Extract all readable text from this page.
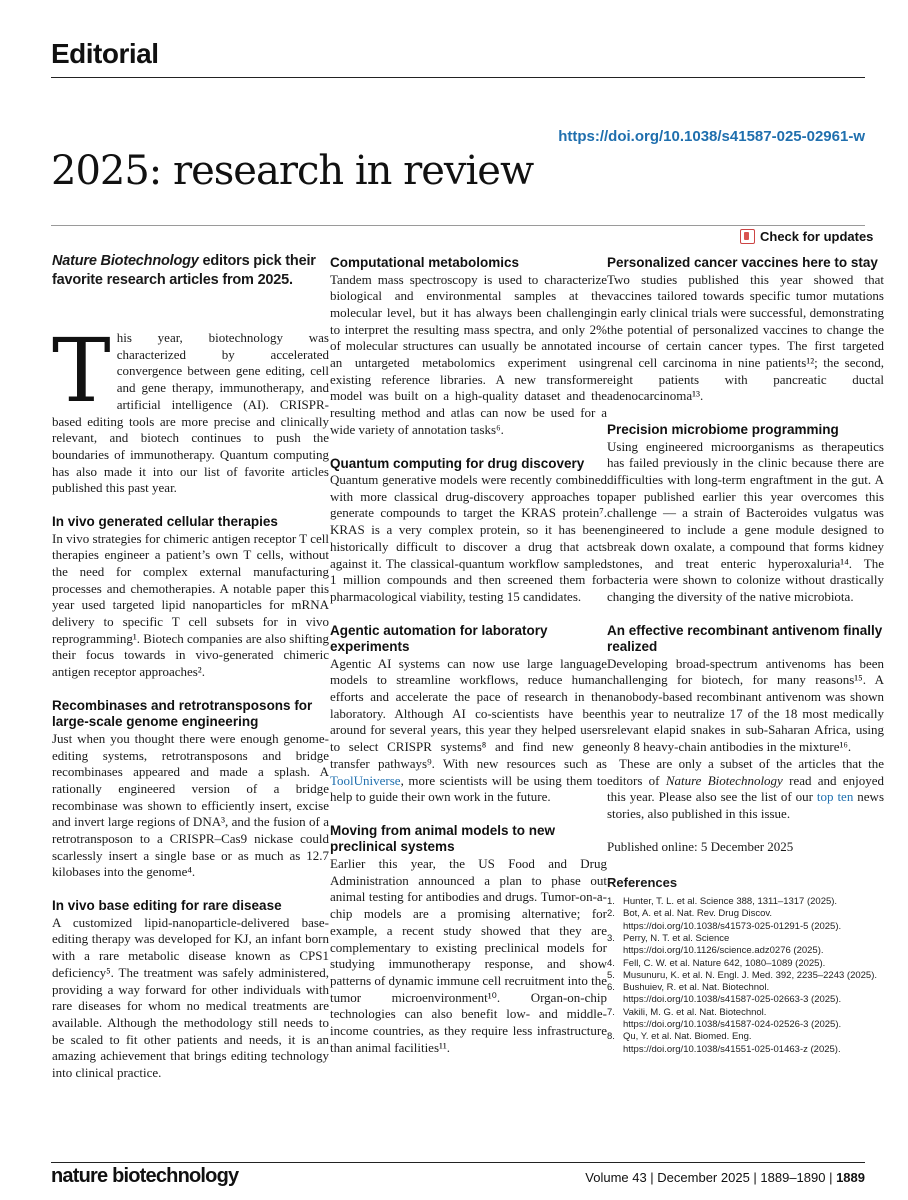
Editorial
https://doi.org/10.1038/s41587-025-02961-w
2025: research in review
Check for updates

Nature Biotechnology editors pick their favorite research articles from 2025.

This year, biotechnology was characterized by accelerated convergence between gene editing, cell and gene therapy, immunotherapy, and artificial intelligence (AI). CRISPR-based editing tools are more precise and clinically relevant, and biotech continues to push the boundaries of immunotherapy. Quantum computing has also made it into our list of favorite articles published this past year.
In vivo generated cellular therapies

In vivo strategies for chimeric antigen receptor T cell therapies engineer a patient’s own T cells, without the need for complex external manufacturing processes and chemotherapies. A notable paper this year used targeted lipid nanoparticles for mRNA delivery to specific T cell subsets for in vivo reprogramming¹. Biotech companies are also shifting their focus towards in vivo-generated chimeric antigen receptor approaches².

Recombinases and retrotransposons for large-scale genome engineering

Just when you thought there were enough genome-editing systems, retrotransposons and bridge recombinases appeared and made a splash. A rationally engineered version of a bridge recombinase was shown to efficiently insert, excise and invert large regions of DNA³, and the fusion of a retrotransposon to a CRISPR–Cas9 nickase could scarlessly insert a single base or as much as 12.7 kilobases into the genome⁴.

In vivo base editing for rare disease

A customized lipid-nanoparticle-delivered base-editing therapy was developed for KJ, an infant born with a rare metabolic disease known as CPS1 deficiency⁵. The treatment was safely administered, providing a way forward for other individuals with rare diseases for whom no medical treatments are available. Although the methodology still needs to be scaled to fit other patients and needs, it is an amazing achievement that brings editing technology into clinical practice.

Computational metabolomics

Tandem mass spectroscopy is used to characterize biological and environmental samples at the molecular level, but it has always been challenging to interpret the resulting mass spectra, and only 2% of molecular structures can usually be annotated in an untargeted metabolomics experiment using existing reference libraries. A new transformer model was built on a high-quality dataset and the resulting method and atlas can now be used for a wide variety of annotation tasks⁶.

Quantum computing for drug discovery

Quantum generative models were recently combined with more classical drug-discovery approaches to generate compounds to target the KRAS protein⁷. KRAS is a very complex protein, so it has been historically difficult to discover a drug that acts against it. The classical-quantum workflow sampled 1 million compounds and then screened them for pharmacological viability, testing 15 candidates.

Agentic automation for laboratory experiments

Agentic AI systems can now use large language models to streamline workflows, reduce human efforts and accelerate the pace of research in the laboratory. Although AI co-scientists have been around for several years, this year they helped users to select CRISPR systems⁸ and find new gene transfer pathways⁹. With new resources such as ToolUniverse, more scientists will be using them to help to guide their own work in the future.

Moving from animal models to new preclinical systems

Earlier this year, the US Food and Drug Administration announced a plan to phase out animal testing for antibodies and drugs. Tumor-on-a-chip models are a promising alternative; for example, a recent study showed that they are complementary to existing preclinical models for studying immunotherapy response, and show patterns of dynamic immune cell recruitment into the tumor microenvironment¹⁰. Organ-on-chip technologies can also benefit low- and middle-income countries, as they require less infrastructure than animal facilities¹¹.

Personalized cancer vaccines here to stay

Two studies published this year showed that vaccines tailored towards specific tumor mutations in early clinical trials were successful, demonstrating the potential of personalized vaccines to change the course of certain cancer types. The first targeted renal cell carcinoma in nine patients¹²; the second, eight patients with pancreatic ductal adenocarcinoma¹³.

Precision microbiome programming

Using engineered microorganisms as therapeutics has failed previously in the clinic because there are difficulties with long-term engraftment in the gut. A paper published earlier this year overcomes this challenge — a strain of Bacteroides vulgatus was engineered to include a gene module designed to break down oxalate, a compound that forms kidney stones, and treat enteric hyperoxaluria¹⁴. The bacteria were shown to colonize without drastically changing the diversity of the native microbiota.

An effective recombinant antivenom finally realized

Developing broad-spectrum antivenoms has been challenging for biotech, for many reasons¹⁵. A nanobody-based recombinant antivenom was shown this year to neutralize 17 of the 18 most medically relevant elapid snakes in sub-Saharan Africa, using only 8 heavy-chain antibodies in the mixture¹⁶.

These are only a subset of the articles that the editors of Nature Biotechnology read and enjoyed this year. Please also see the list of our top ten news stories, also published in this issue.

Published online: 5 December 2025

References
1. Hunter, T. L. et al. Science 388, 1311–1317 (2025).
2. Bot, A. et al. Nat. Rev. Drug Discov. https://doi.org/10.1038/s41573-025-01291-5 (2025).
3. Perry, N. T. et al. Science https://doi.org/10.1126/science.adz0276 (2025).
4. Fell, C. W. et al. Nature 642, 1080–1089 (2025).
5. Musunuru, K. et al. N. Engl. J. Med. 392, 2235–2243 (2025).
6. Bushuiev, R. et al. Nat. Biotechnol. https://doi.org/10.1038/s41587-025-02663-3 (2025).
7. Vakili, M. G. et al. Nat. Biotechnol. https://doi.org/10.1038/s41587-024-02526-3 (2025).
8. Qu, Y. et al. Nat. Biomed. Eng. https://doi.org/10.1038/s41551-025-01463-z (2025).
nature biotechnology	Volume 43 | December 2025 | 1889–1890 | 1889
